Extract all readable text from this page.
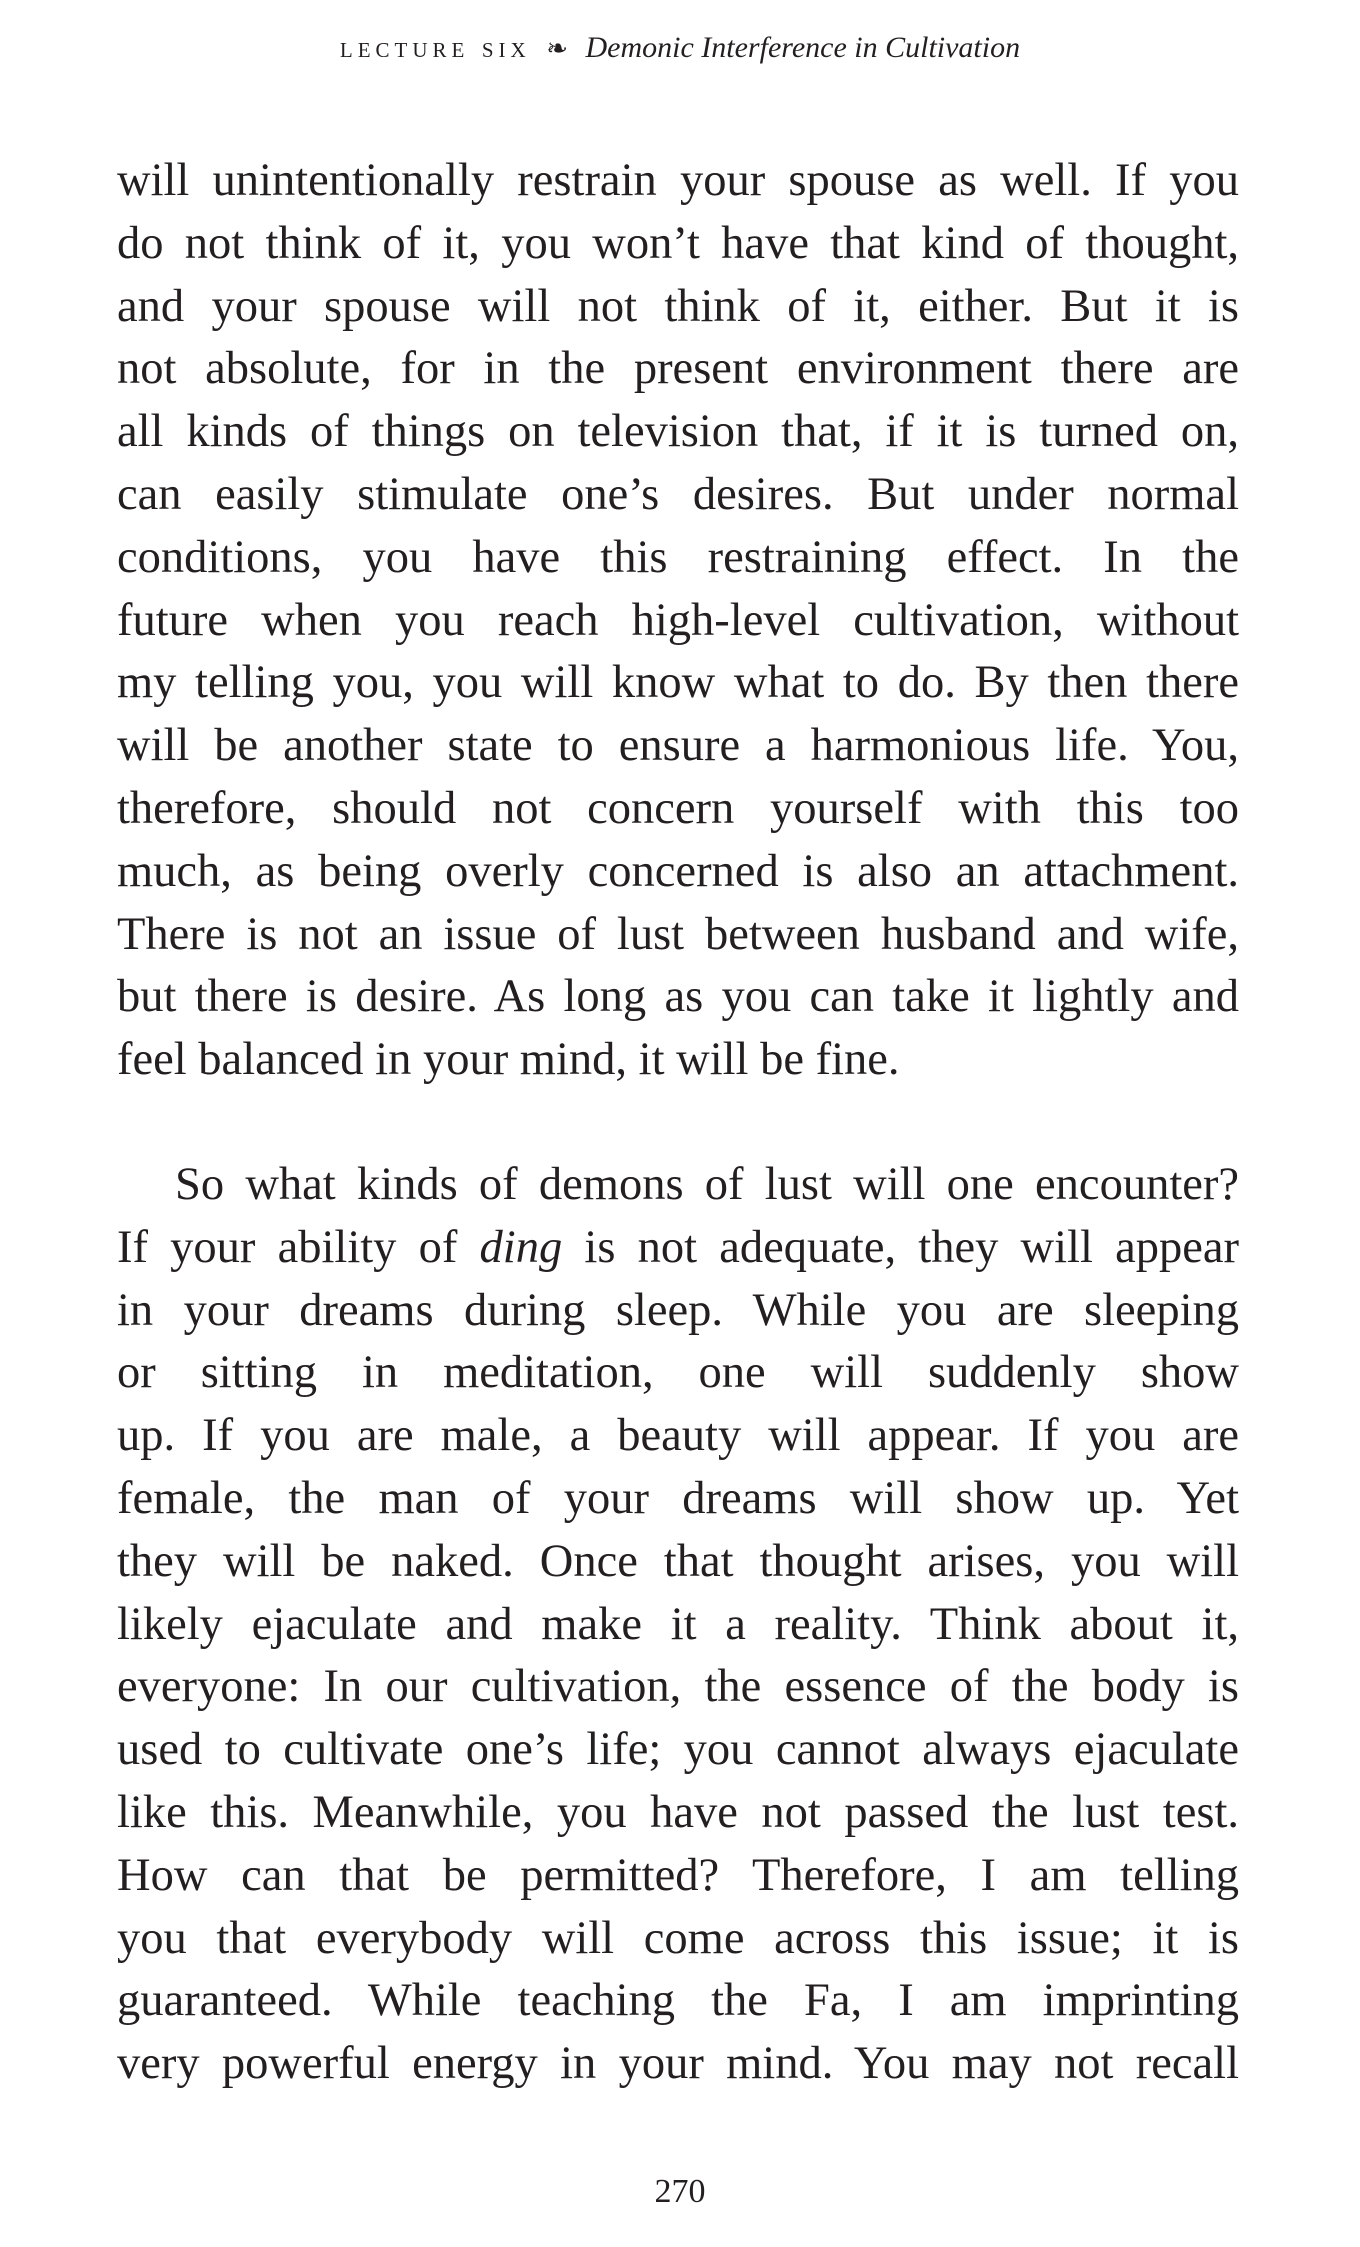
lecture six ❧ Demonic Interference in Cultivation

will unintentionally restrain your spouse as well. If you
do not think of it, you won’t have that kind of thought,
and your spouse will not think of it, either. But it is
not absolute, for in the present environment there are
all kinds of things on television that, if it is turned on,
can easily stimulate one’s desires. But under normal
conditions, you have this restraining effect. In the
future when you reach high-level cultivation, without
my telling you, you will know what to do. By then there
will be another state to ensure a harmonious life. You,
therefore, should not concern yourself with this too
much, as being overly concerned is also an attachment.
There is not an issue of lust between husband and wife,
but there is desire. As long as you can take it lightly and
feel balanced in your mind, it will be fine.

So what kinds of demons of lust will one encounter?
If your ability of ding is not adequate, they will appear
in your dreams during sleep. While you are sleeping
or sitting in meditation, one will suddenly show
up. If you are male, a beauty will appear. If you are
female, the man of your dreams will show up. Yet
they will be naked. Once that thought arises, you will
likely ejaculate and make it a reality. Think about it,
everyone: In our cultivation, the essence of the body is
used to cultivate one’s life; you cannot always ejaculate
like this. Meanwhile, you have not passed the lust test.
How can that be permitted? Therefore, I am telling
you that everybody will come across this issue; it is
guaranteed. While teaching the Fa, I am imprinting
very powerful energy in your mind. You may not recall

270
